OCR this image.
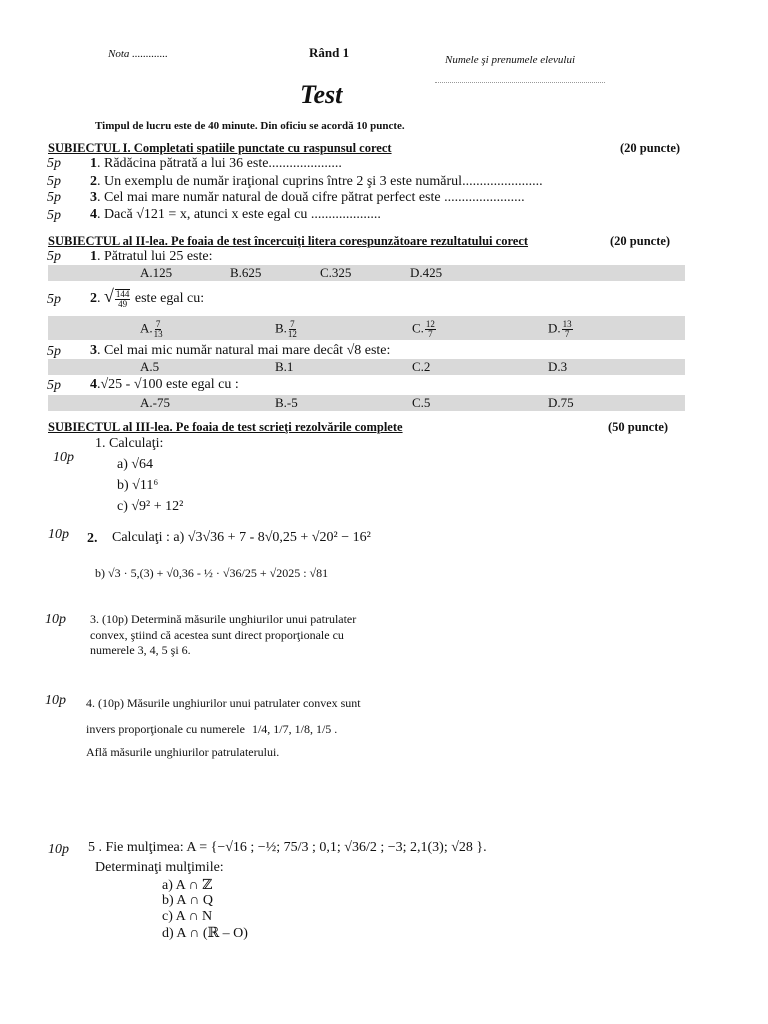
Nota .............	Rând 1	Numele şi prenumele elevului
Test
Timpul de lucru este de 40 minute. Din oficiu se acordă 10 puncte.
SUBIECTUL I. Completati spatiile punctate cu raspunsul corect	(20 puncte)
5p 1. Rădăcina pătrată a lui 36 este.....................
5p 2. Un exemplu de număr iraţional cuprins între 2 şi 3 este numărul.......................
5p 3. Cel mai mare număr natural de două cifre pătrat perfect este .......................
5p 4. Dacă √121 = x, atunci x este egal cu ....................
SUBIECTUL al II-lea. Pe foaia de test încercuiţi litera corespunzătoare rezultatului corect	(20 puncte)
5p 1. Pătratul lui 25 este:
A.125	B.625	C.325	D.425
5p 2. √ $\frac{144}{49}$ este egal cu:
A. $\frac{7}{13}$	B. $\frac{7}{12}$	C. $\frac{12}{7}$	D. $\frac{13}{7}$
5p 3. Cel mai mic număr natural mai mare decât √8 este:
A.5	B.1	C.2	D.3
5p 4.√25 - √100 este egal cu :
A.-75	B.-5	C.5	D.75
SUBIECTUL al III-lea. Pe foaia de test scrieţi rezolvările complete	(50 puncte)
10p
1. Calculaţi:
a) √64
b) √11⁶
c) √9² + 12²
10p 2. Calculaţi : a) √3√36 + 7 - 8√0,25 + √20² − 16²
b) √3 · 5,(3) + √0,36 - ½ · √36/25 + √2025 : √81
10p 3. (10p) Determină măsurile unghiurilor unui patrulater
convex, ştiind că acestea sunt direct proporţionale cu
numerele 3, 4, 5 şi 6.
10p 4. (10p) Măsurile unghiurilor unui patrulater convex sunt
invers proporţionale cu numerele 1/4, 1/7, 1/8, 1/5 .
Află măsurile unghiurilor patrulaterului.
10p 5 . Fie mulţimea: A = {−√16 ; −½; 75/3 ; 0,1; √36/2 ; −3; 2,1(3); √28 }.
Determinaţi mulţimile:
a) A ∩ ℤ
b) A ∩ Q
c) A ∩ N
d) A ∩ (ℝ – O)
